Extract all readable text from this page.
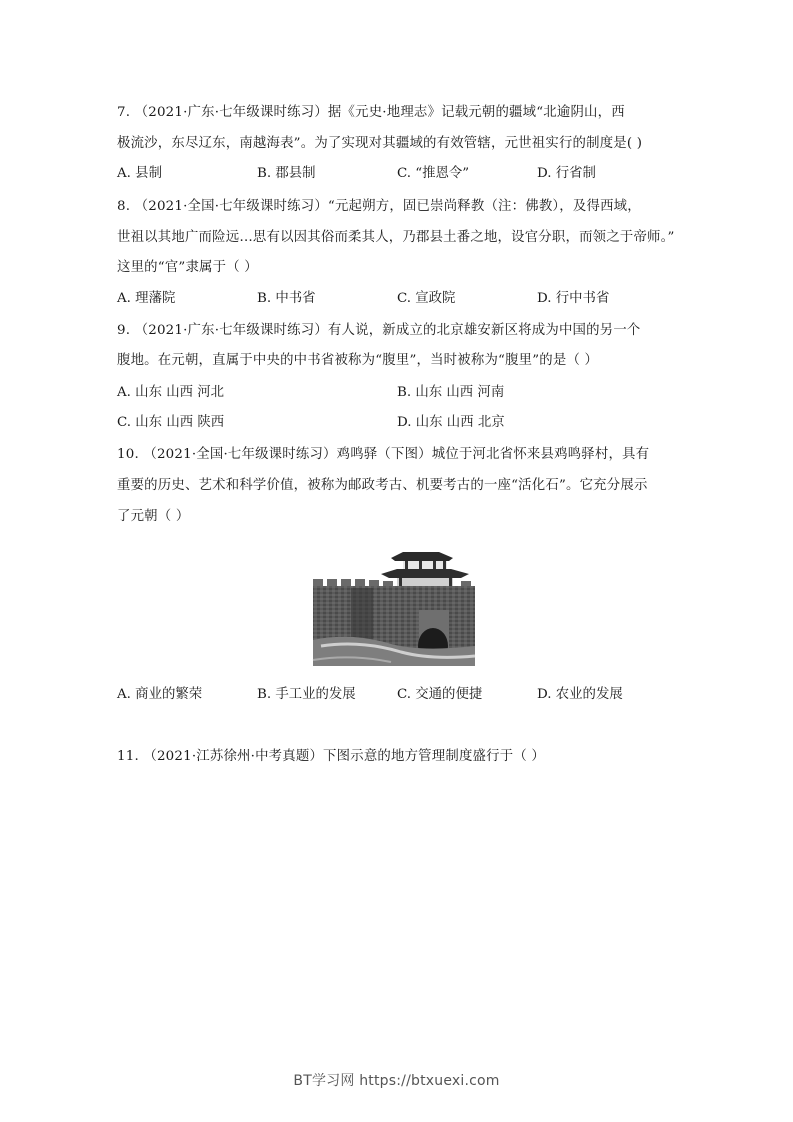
7. （2021·广东·七年级课时练习）据《元史·地理志》记载元朝的疆域“北逾阴山，西
极流沙，东尽辽东，南越海表”。为了实现对其疆域的有效管辖，元世祖实行的制度是( )
A. 县制	B. 郡县制	C. “推恩令”	D. 行省制
8. （2021·全国·七年级课时练习）“元起朔方，固已崇尚释教（注：佛教），及得西域，
世祖以其地广而险远…思有以因其俗而柔其人，乃郡县土番之地，设官分职，而领之于帝师。”
这里的“官”隶属于（ ）
A. 理藩院	B. 中书省	C. 宣政院	D. 行中书省
9. （2021·广东·七年级课时练习）有人说，新成立的北京雄安新区将成为中国的另一个
腹地。在元朝，直属于中央的中书省被称为“腹里”，当时被称为“腹里”的是（ ）
A. 山东 山西 河北	B. 山东 山西 河南
C. 山东 山西 陕西	D. 山东 山西 北京
10. （2021·全国·七年级课时练习）鸡鸣驿（下图）城位于河北省怀来县鸡鸣驿村，具有
重要的历史、艺术和科学价值，被称为邮政考古、机要考古的一座“活化石”。它充分展示
了元朝（ ）
A. 商业的繁荣	B. 手工业的发展	C. 交通的便捷	D. 农业的发展
11. （2021·江苏徐州·中考真题）下图示意的地方管理制度盛行于（ ）
BT学习网 https://btxuexi.com
